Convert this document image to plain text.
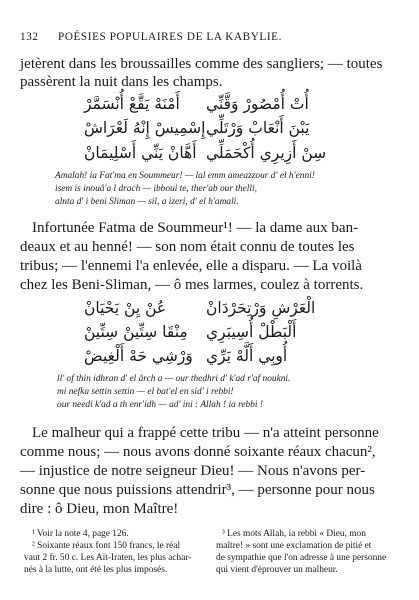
132 POÉSIES POPULAIRES DE LA KABYLIE.
jetèrent dans les broussailles comme des sangliers; — toutes
passèrent la nuit dans les champs.
أَمْنَهْ يَقَّعْ أُنْسَمَّرْ أُتْ أُمْصُورْ وَقَّنِّي
إِسْمِيسْ إِنْهُ لَعْرَاشْ يَبْنَ أَنْعَابْ وَرْتَلِّي
أَهَّانْ يَنِّي أَسْلِيمَانْ سِنْ أَزِيرِي أُكْحَمَلِّي
Amalah! ia Fat'ma en Soummeur! — lal emm ameazzour d' el h'enni!
isem is inouâ'a l drach — ibboui te, ther'ab our thelli,
alnta d' i beni Sliman — sil, a izeri, d' el h'amali.
Infortunée Fatma de Soummeur¹! — la dame aux ban-
deaux et au henné! — son nom était connu de toutes les
tribus; — l'ennemi l'a enlevée, elle a disparu. — La voilà
chez les Beni-Sliman, — ô mes larmes, coulez à torrents.
عُنْ يِنْ يَحْيَانْ	الْعَرْشِ وَرْتِحَرْدَانْ
مِنْقَا سِتِّينْ سِتِّينْ أَلْبَطْلْ أُسِيبَرِي
وَرْشِي حَهْ أَلْغِيضْ أُوبِي أَلَّهْ يَرِّي
ll' of thin idhran d' el ârch a — our thedhri d' k'ad r'af noukni.
mi nefka settin settin — el bat'el en sid' i rebbi!
our needi k'ad a th enr'idh — ad' ini : Allah ! ia rebbi !
Le malheur qui a frappé cette tribu — n'a atteint personne
comme nous; — nous avons donné soixante réaux chacun²,
— injustice de notre seigneur Dieu! — Nous n'avons per-
sonne que nous puissions attendrir³, — personne pour nous
dire : ô Dieu, mon Maître!
¹ Voir la note 4, page 126.
² Soixante réaux font 150 francs, le réal
vaut 2 fr. 50 c. Les Aït-Iraten, les plus achar-
nés à la lutte, ont été les plus imposés.
³ Les mots Allah, ia rebbi « Dieu, mon
maître! » sont une exclamation de pitié et
de sympathie que l'on adresse à une personne
qui vient d'éprouver un malheur.
